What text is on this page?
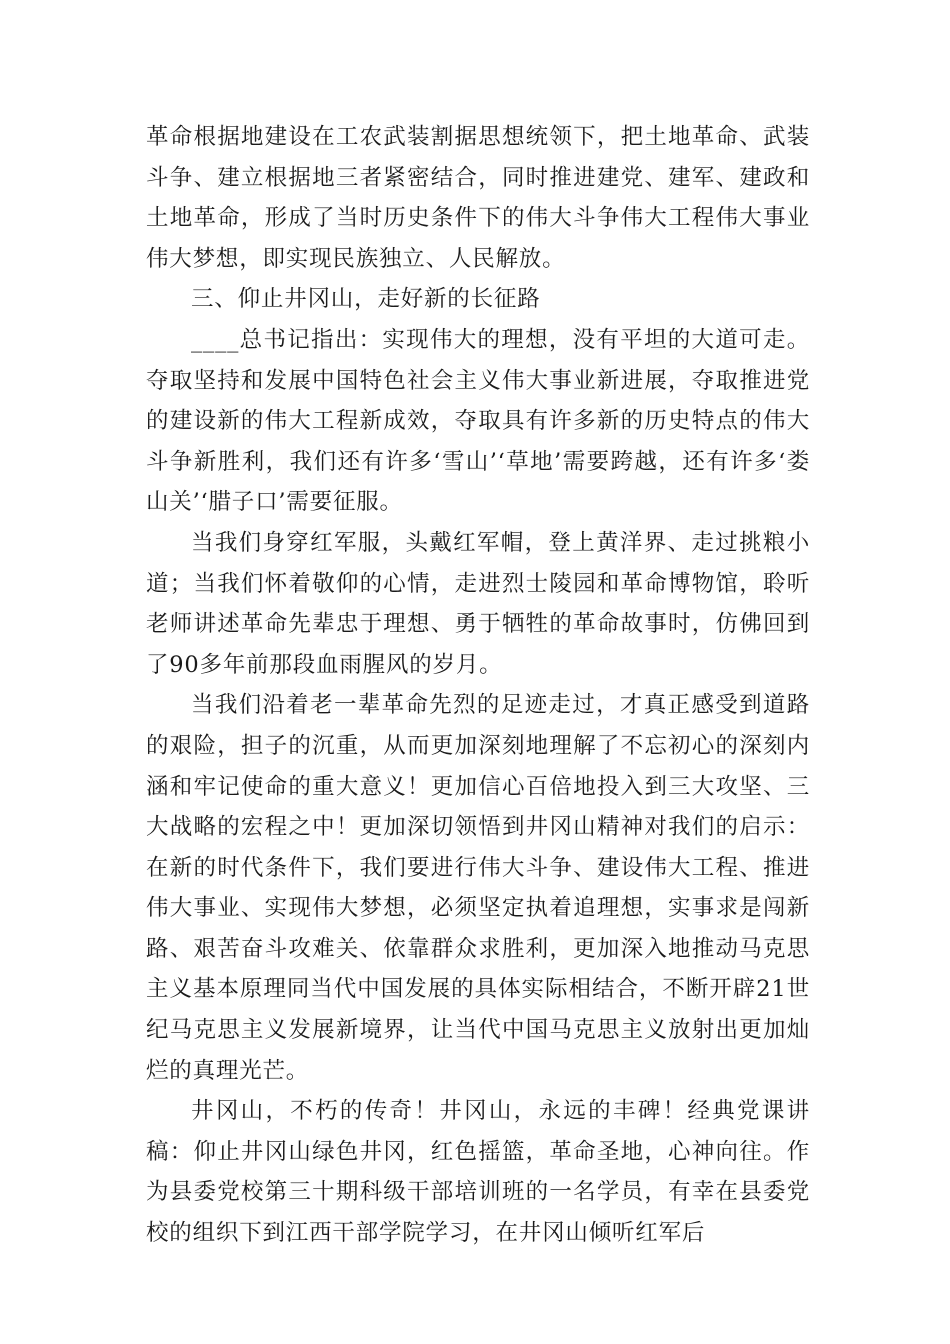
革命根据地建设在工农武装割据思想统领下，把土地革命、武装斗争、建立根据地三者紧密结合，同时推进建党、建军、建政和土地革命，形成了当时历史条件下的伟大斗争伟大工程伟大事业伟大梦想，即实现民族独立、人民解放。

三、仰止井冈山，走好新的长征路

____总书记指出：实现伟大的理想，没有平坦的大道可走。夺取坚持和发展中国特色社会主义伟大事业新进展，夺取推进党的建设新的伟大工程新成效，夺取具有许多新的历史特点的伟大斗争新胜利，我们还有许多‘雪山’‘草地’需要跨越，还有许多‘娄山关’‘腊子口’需要征服。

当我们身穿红军服，头戴红军帽，登上黄洋界、走过挑粮小道；当我们怀着敬仰的心情，走进烈士陵园和革命博物馆，聆听老师讲述革命先辈忠于理想、勇于牺牲的革命故事时，仿佛回到了90多年前那段血雨腥风的岁月。

当我们沿着老一辈革命先烈的足迹走过，才真正感受到道路的艰险，担子的沉重，从而更加深刻地理解了不忘初心的深刻内涵和牢记使命的重大意义！更加信心百倍地投入到三大攻坚、三大战略的宏程之中！更加深切领悟到井冈山精神对我们的启示：在新的时代条件下，我们要进行伟大斗争、建设伟大工程、推进伟大事业、实现伟大梦想，必须坚定执着追理想，实事求是闯新路、艰苦奋斗攻难关、依靠群众求胜利，更加深入地推动马克思主义基本原理同当代中国发展的具体实际相结合，不断开辟21世纪马克思主义发展新境界，让当代中国马克思主义放射出更加灿烂的真理光芒。

井冈山，不朽的传奇！井冈山，永远的丰碑！经典党课讲稿：仰止井冈山绿色井冈，红色摇篮，革命圣地，心神向往。作为县委党校第三十期科级干部培训班的一名学员，有幸在县委党校的组织下到江西干部学院学习，在井冈山倾听红军后
